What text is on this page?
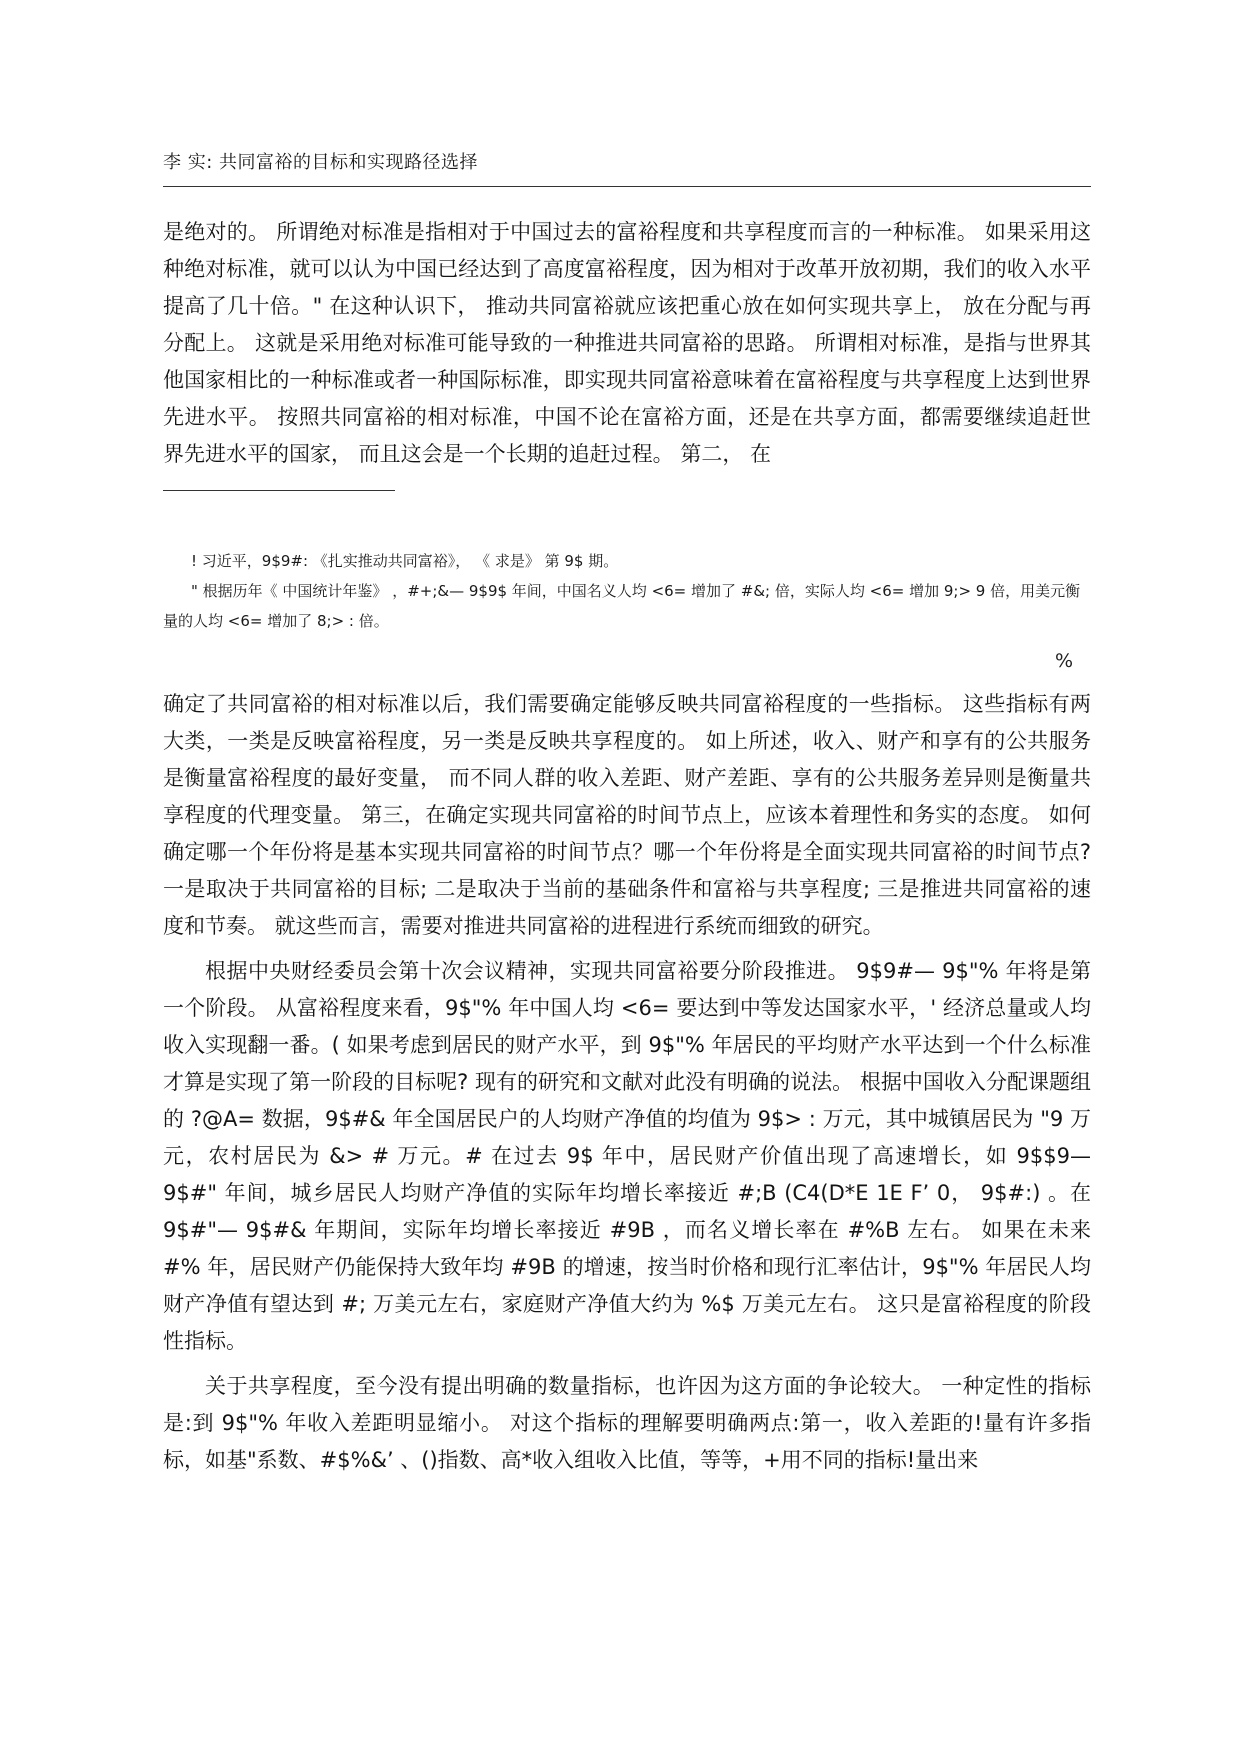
李 实: 共同富裕的目标和实现路径选择

是绝对的。 所谓绝对标准是指相对于中国过去的富裕程度和共享程度而言的一种标准。 如果采用这种绝对标准，就可以认为中国已经达到了高度富裕程度，因为相对于改革开放初期，我们的收入水平提高了几十倍。" 在这种认识下， 推动共同富裕就应该把重心放在如何实现共享上， 放在分配与再分配上。 这就是采用绝对标准可能导致的一种推进共同富裕的思路。 所谓相对标准，是指与世界其他国家相比的一种标准或者一种国际标准，即实现共同富裕意味着在富裕程度与共享程度上达到世界先进水平。 按照共同富裕的相对标准，中国不论在富裕方面，还是在共享方面，都需要继续追赶世界先进水平的国家， 而且这会是一个长期的追赶过程。 第二， 在

! 习近平，9$9#: 《扎实推动共同富裕》， 《 求是》 第 9$ 期。

" 根据历年《 中国统计年鉴》 ，#+;&— 9$9$ 年间，中国名义人均 <6= 增加了 #&; 倍，实际人均 <6= 增加 9;> 9 倍，用美元衡量的人均 <6= 增加了 8;> : 倍。

%

确定了共同富裕的相对标准以后，我们需要确定能够反映共同富裕程度的一些指标。 这些指标有两大类，一类是反映富裕程度，另一类是反映共享程度的。 如上所述，收入、财产和享有的公共服务是衡量富裕程度的最好变量， 而不同人群的收入差距、财产差距、享有的公共服务差异则是衡量共享程度的代理变量。 第三，在确定实现共同富裕的时间节点上，应该本着理性和务实的态度。 如何确定哪一个年份将是基本实现共同富裕的时间节点？哪一个年份将是全面实现共同富裕的时间节点? 一是取决于共同富裕的目标; 二是取决于当前的基础条件和富裕与共享程度; 三是推进共同富裕的速度和节奏。 就这些而言，需要对推进共同富裕的进程进行系统而细致的研究。

根据中央财经委员会第十次会议精神，实现共同富裕要分阶段推进。 9$9#— 9$"% 年将是第一个阶段。 从富裕程度来看，9$"% 年中国人均 <6= 要达到中等发达国家水平，' 经济总量或人均收入实现翻一番。( 如果考虑到居民的财产水平，到 9$"% 年居民的平均财产水平达到一个什么标准才算是实现了第一阶段的目标呢? 现有的研究和文献对此没有明确的说法。 根据中国收入分配课题组的 ?@A= 数据，9$#& 年全国居民户的人均财产净值的均值为 9$> : 万元，其中城镇居民为 "9 万元，农村居民为 &> # 万元。# 在过去 9$ 年中，居民财产价值出现了高速增长，如 9$$9— 9$#" 年间，城乡居民人均财产净值的实际年均增长率接近 #;B (C4(D*E 1E F’ 0， 9$#:) 。在 9$#"— 9$#& 年期间，实际年均增长率接近 #9B ，而名义增长率在 #%B 左右。 如果在未来 #% 年，居民财产仍能保持大致年均 #9B 的增速，按当时价格和现行汇率估计，9$"% 年居民人均财产净值有望达到 #; 万美元左右，家庭财产净值大约为 %$ 万美元左右。 这只是富裕程度的阶段性指标。

关于共享程度，至今没有提出明确的数量指标，也许因为这方面的争论较大。 一种定性的指标是:到 9$"% 年收入差距明显缩小。 对这个指标的理解要明确两点:第一，收入差距的!量有许多指标，如基"系数、#$%&’ 、()指数、高*收入组收入比值，等等，+用不同的指标!量出来
